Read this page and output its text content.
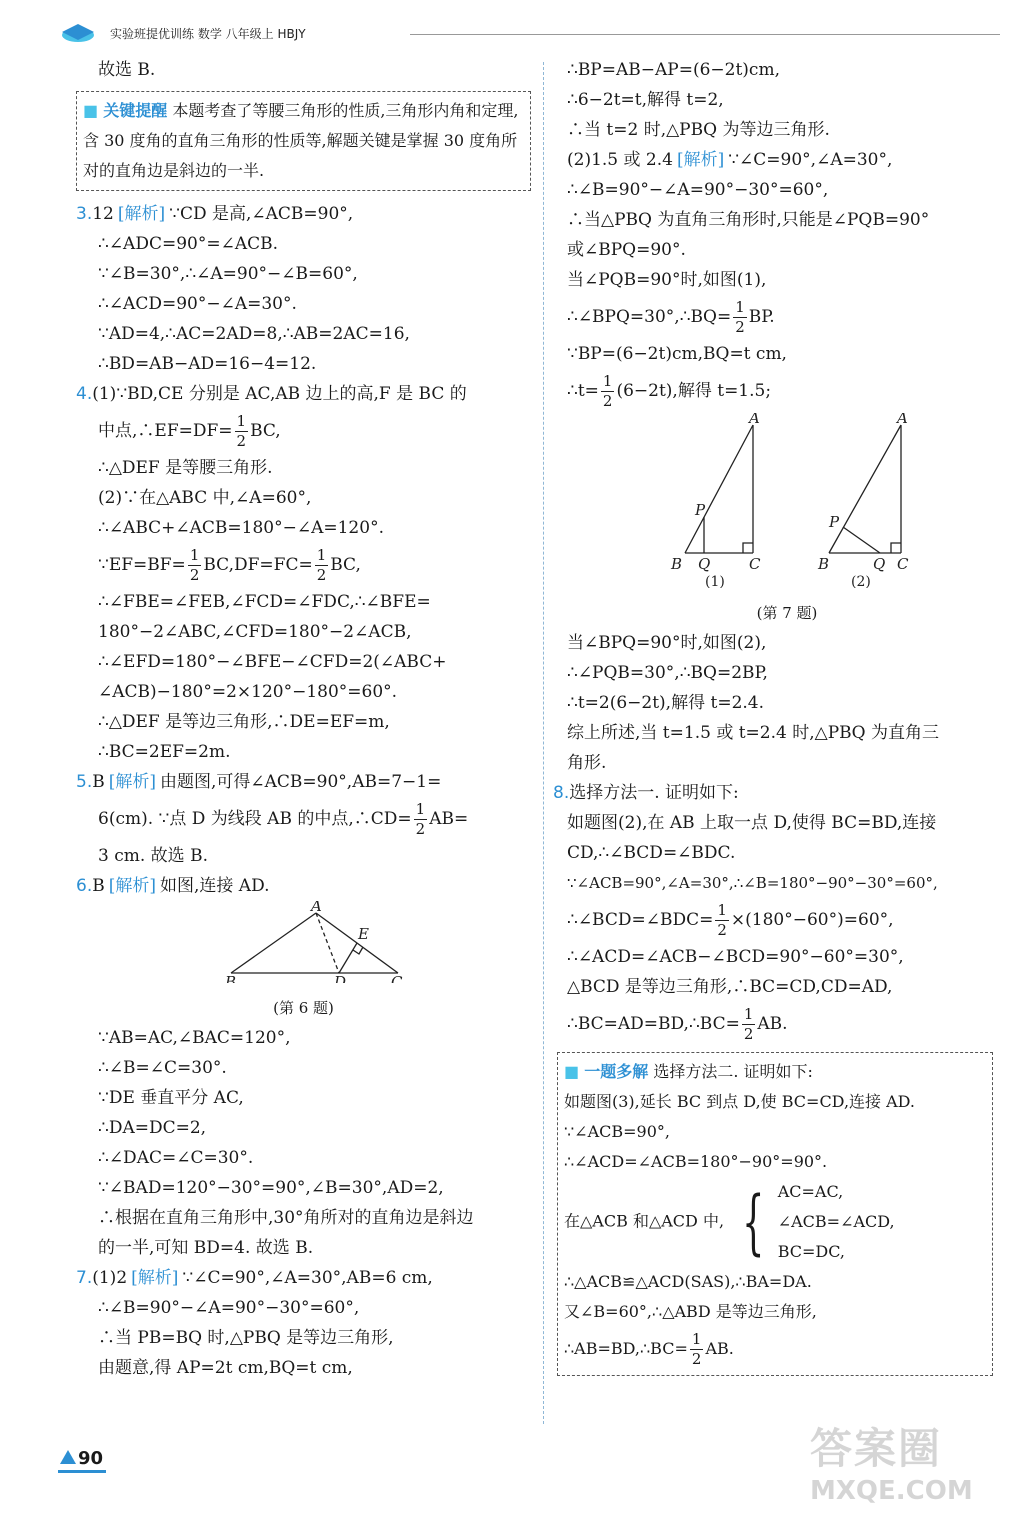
实验班提优训练 数学 八年级上 HBJY
故选 B.
■ 关键提醒 本题考查了等腰三角形的性质,三角形内角和定理,含 30 度角的直角三角形的性质等,解题关键是掌握 30 度角所对的直角边是斜边的一半.
3.12 [解析] ∵CD 是高,∠ACB=90°,
∴∠ADC=90°=∠ACB.
∵∠B=30°,∴∠A=90°−∠B=60°,
∴∠ACD=90°−∠A=30°.
∵AD=4,∴AC=2AD=8,∴AB=2AC=16,
∴BD=AB−AD=16−4=12.
4.(1)∵BD,CE 分别是 AC,AB 边上的高,F 是 BC 的
中点,∴EF=DF= $\frac{1}{2}$ BC,
∴△DEF 是等腰三角形.
(2)∵在△ABC 中,∠A=60°,
∴∠ABC+∠ACB=180°−∠A=120°.
∵EF=BF= $\frac{1}{2} BC,DF=FC= \frac{1}{2}$ BC,
∴∠FBE=∠FEB,∠FCD=∠FDC,∴∠BFE=
180°−2∠ABC,∠CFD=180°−2∠ACB,
∴∠EFD=180°−∠BFE−∠CFD=2(∠ABC+
∠ACB)−180°=2×120°−180°=60°.
∴△DEF 是等边三角形,∴DE=EF=m,
∴BC=2EF=2m.
5.B [解析] 由题图,可得∠ACB=90°,AB=7−1=
6(cm). ∵点 D 为线段 AB 的中点,∴CD= $\frac{1}{2} AB=$
3 cm. 故选 B.
6.B [解析] 如图,连接 AD.
A
B	C
D
E
(第 6 题)
∵AB=AC,∠BAC=120°,
∴∠B=∠C=30°.
∵DE 垂直平分 AC,
∴DA=DC=2,
∴∠DAC=∠C=30°.
∵∠BAD=120°−30°=90°,∠B=30°,AD=2,
∴根据在直角三角形中,30°角所对的直角边是斜边
的一半,可知 BD=4. 故选 B.
7.(1)2 [解析] ∵∠C=90°,∠A=30°,AB=6 cm,
∴∠B=90°−∠A=90°−30°=60°,
∴当 PB=BQ 时,△PBQ 是等边三角形,
由题意,得 AP=2t cm,BQ=t cm,
∴BP=AB−AP=(6−2t)cm,
∴6−2t=t,解得 t=2,
∴当 t=2 时,△PBQ 为等边三角形.
(2)1.5 或 2.4 [解析] ∵∠C=90°,∠A=30°,
∴∠B=90°−∠A=90°−30°=60°,
∴当△PBQ 为直角三角形时,只能是∠PQB=90°
或∠BPQ=90°.
当∠PQB=90°时,如图(1),
∴∠BPQ=30°,∴BQ= $\frac{1}{2}$ BP.
∵BP=(6−2t)cm,BQ=t cm,
∴t= $\frac{1}{2} (6-2t)$,解得 t=1.5;
A
B	C
P
Q
A
B	C
P
Q
(1)	(2)
(第 7 题)
当∠BPQ=90°时,如图(2),
∴∠PQB=30°,∴BQ=2BP,
∴t=2(6−2t),解得 t=2.4.
综上所述,当 t=1.5 或 t=2.4 时,△PBQ 为直角三
角形.
8.选择方法一. 证明如下:
如题图(2),在 AB 上取一点 D,使得 BC=BD,连接
CD,∴∠BCD=∠BDC.
∵∠ACB=90°,∠A=30°,∴∠B=180°−90°−30°=60°,
∴∠BCD=∠BDC= $\frac{1}{2} \times(180^\circ-60^\circ)=60^\circ$,
∴∠ACD=∠ACB−∠BCD=90°−60°=30°,
△BCD 是等边三角形,∴BC=CD,CD=AD,
∴BC=AD=BD,∴BC= $\frac{1}{2}$ AB.
■ 一题多解 选择方法二. 证明如下:
如题图(3),延长 BC 到点 D,使 BC=CD,连接 AD.
∵∠ACB=90°,
∴∠ACD=∠ACB=180°−90°=90°.
在△ACB 和△ACD 中, { AC=AC,
∠ACB=∠ACD,
BC=DC,
∴△ACB≌△ACD(SAS),∴BA=DA.
又∠B=60°,∴△ABD 是等边三角形,
∴AB=BD,∴BC= $\frac{1}{2}$ AB.
90	答案圈
MXQE.COM
